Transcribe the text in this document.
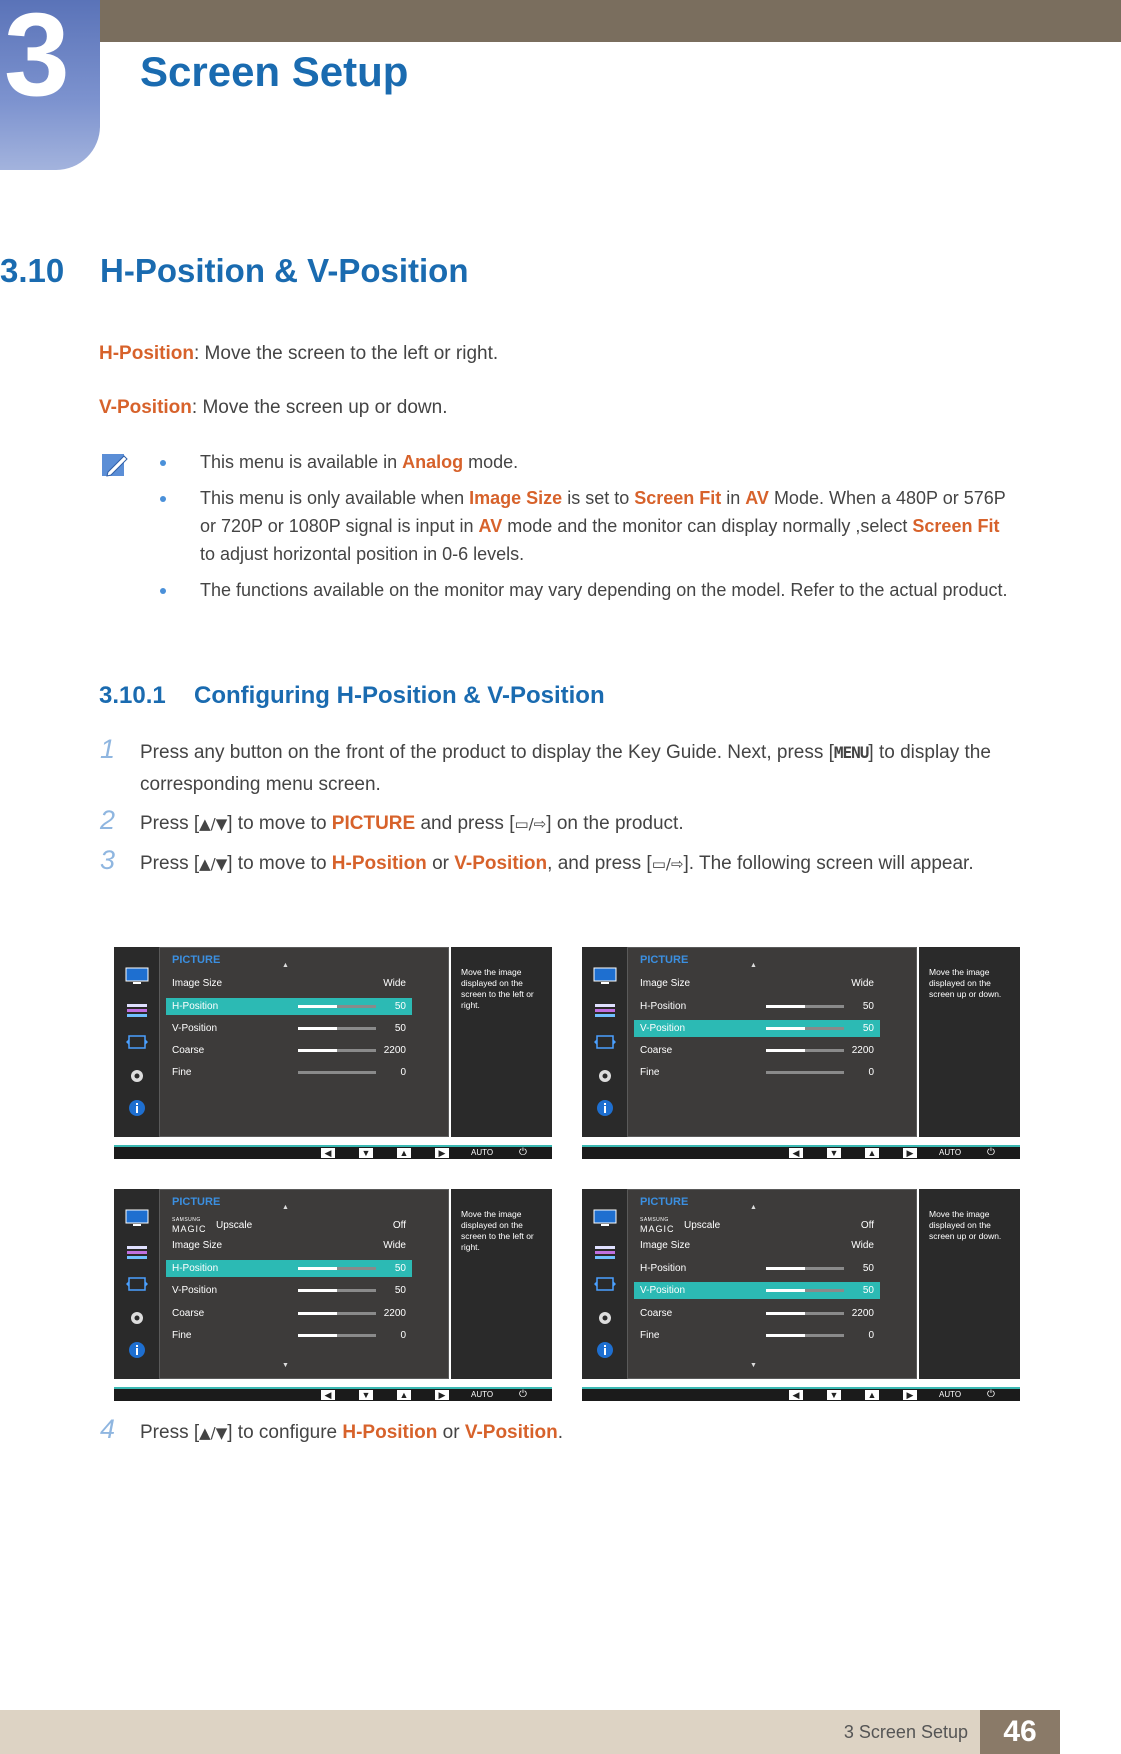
3 Screen Setup
3.10 H-Position & V-Position
H-Position: Move the screen to the left or right.
V-Position: Move the screen up or down.
This menu is available in Analog mode.
This menu is only available when Image Size is set to Screen Fit in AV Mode. When a 480P or 576P or 720P or 1080P signal is input in AV mode and the monitor can display normally ,select Screen Fit to adjust horizontal position in 0-6 levels.
The functions available on the monitor may vary depending on the model. Refer to the actual product.
3.10.1 Configuring H-Position & V-Position
1	Press any button on the front of the product to display the Key Guide. Next, press [MENU] to display the corresponding menu screen.
2	Press [▲/▼] to move to PICTURE and press [▭/⇨] on the product.
3	Press [▲/▼] to move to H-Position or V-Position, and press [▭/⇨]. The following screen will appear.
PICTURE	▲
Image Size	Wide
H-Position	50
V-Position	50
Coarse	2200
Fine	0
Move the image displayed on the screen to the left or right.
◀	▼	▲	▶	AUTO	⏻
PICTURE	▲
Image Size	Wide
H-Position	50
V-Position	50
Coarse	2200
Fine	0
Move the image displayed on the screen up or down.
◀	▼	▲	▶	AUTO	⏻
PICTURE	▲
SAMSUNG
MAGIC Upscale	Off
Image Size	Wide
H-Position	50
V-Position	50
Coarse	2200
Fine	0
▼
Move the image displayed on the screen to the left or right.
◀	▼	▲	▶	AUTO	⏻
PICTURE	▲
SAMSUNG
MAGIC Upscale	Off
Image Size	Wide
H-Position	50
V-Position	50
Coarse	2200
Fine	0
▼
Move the image displayed on the screen up or down.
◀	▼	▲	▶	AUTO	⏻
4	Press [▲/▼] to configure H-Position or V-Position.
3 Screen Setup	46
